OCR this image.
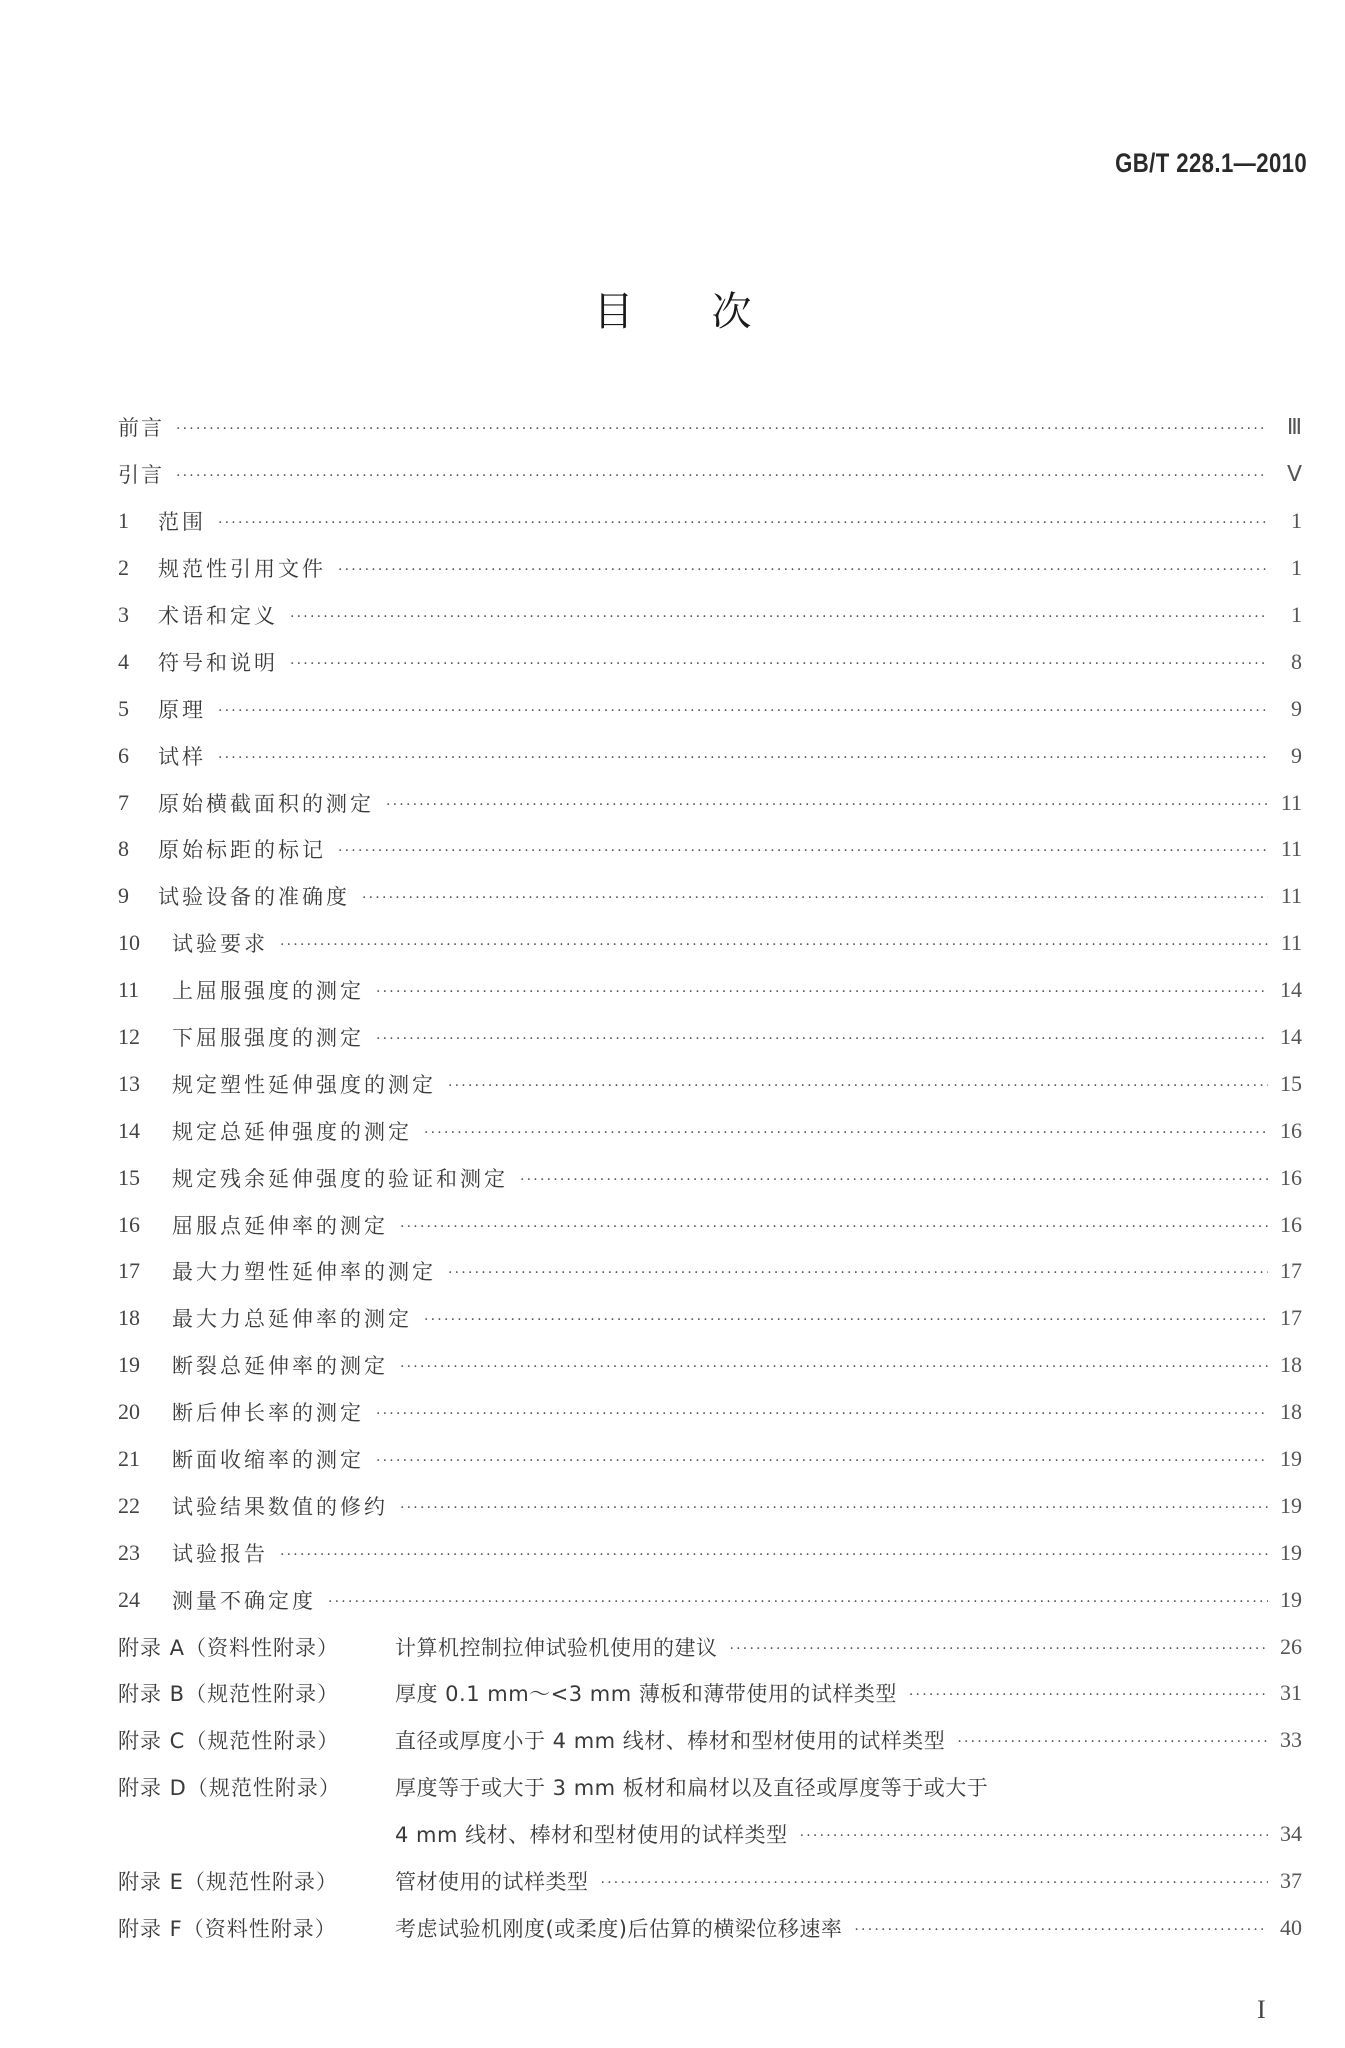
GB/T 228.1—2010
目 次
前言 ·····	Ⅲ
引言 ·····	Ⅴ
1	范围 ·····	1
2	规范性引用文件 ·····	1
3	术语和定义 ·····	1
4	符号和说明 ·····	8
5	原理 ·····	9
6	试样 ·····	9
7	原始横截面积的测定 ·····	11
8	原始标距的标记 ·····	11
9	试验设备的准确度 ·····	11
10	试验要求 ·····	11
11	上屈服强度的测定 ·····	14
12	下屈服强度的测定 ·····	14
13	规定塑性延伸强度的测定 ·····	15
14	规定总延伸强度的测定 ·····	16
15	规定残余延伸强度的验证和测定 ·····	16
16	屈服点延伸率的测定 ·····	16
17	最大力塑性延伸率的测定 ·····	17
18	最大力总延伸率的测定 ·····	17
19	断裂总延伸率的测定 ·····	18
20	断后伸长率的测定 ·····	18
21	断面收缩率的测定 ·····	19
22	试验结果数值的修约 ·····	19
23	试验报告 ·····	19
24	测量不确定度 ·····	19
附录 A（资料性附录）	计算机控制拉伸试验机使用的建议 ·····	26
附录 B（规范性附录）	厚度 0.1 mm～<3 mm 薄板和薄带使用的试样类型 ·····	31
附录 C（规范性附录）	直径或厚度小于 4 mm 线材、棒材和型材使用的试样类型 ·····	33
附录 D（规范性附录）	厚度等于或大于 3 mm 板材和扁材以及直径或厚度等于或大于
4 mm 线材、棒材和型材使用的试样类型 ·····	34
附录 E（规范性附录）	管材使用的试样类型 ·····	37
附录 F（资料性附录）	考虑试验机刚度(或柔度)后估算的横梁位移速率 ·····	40
I
